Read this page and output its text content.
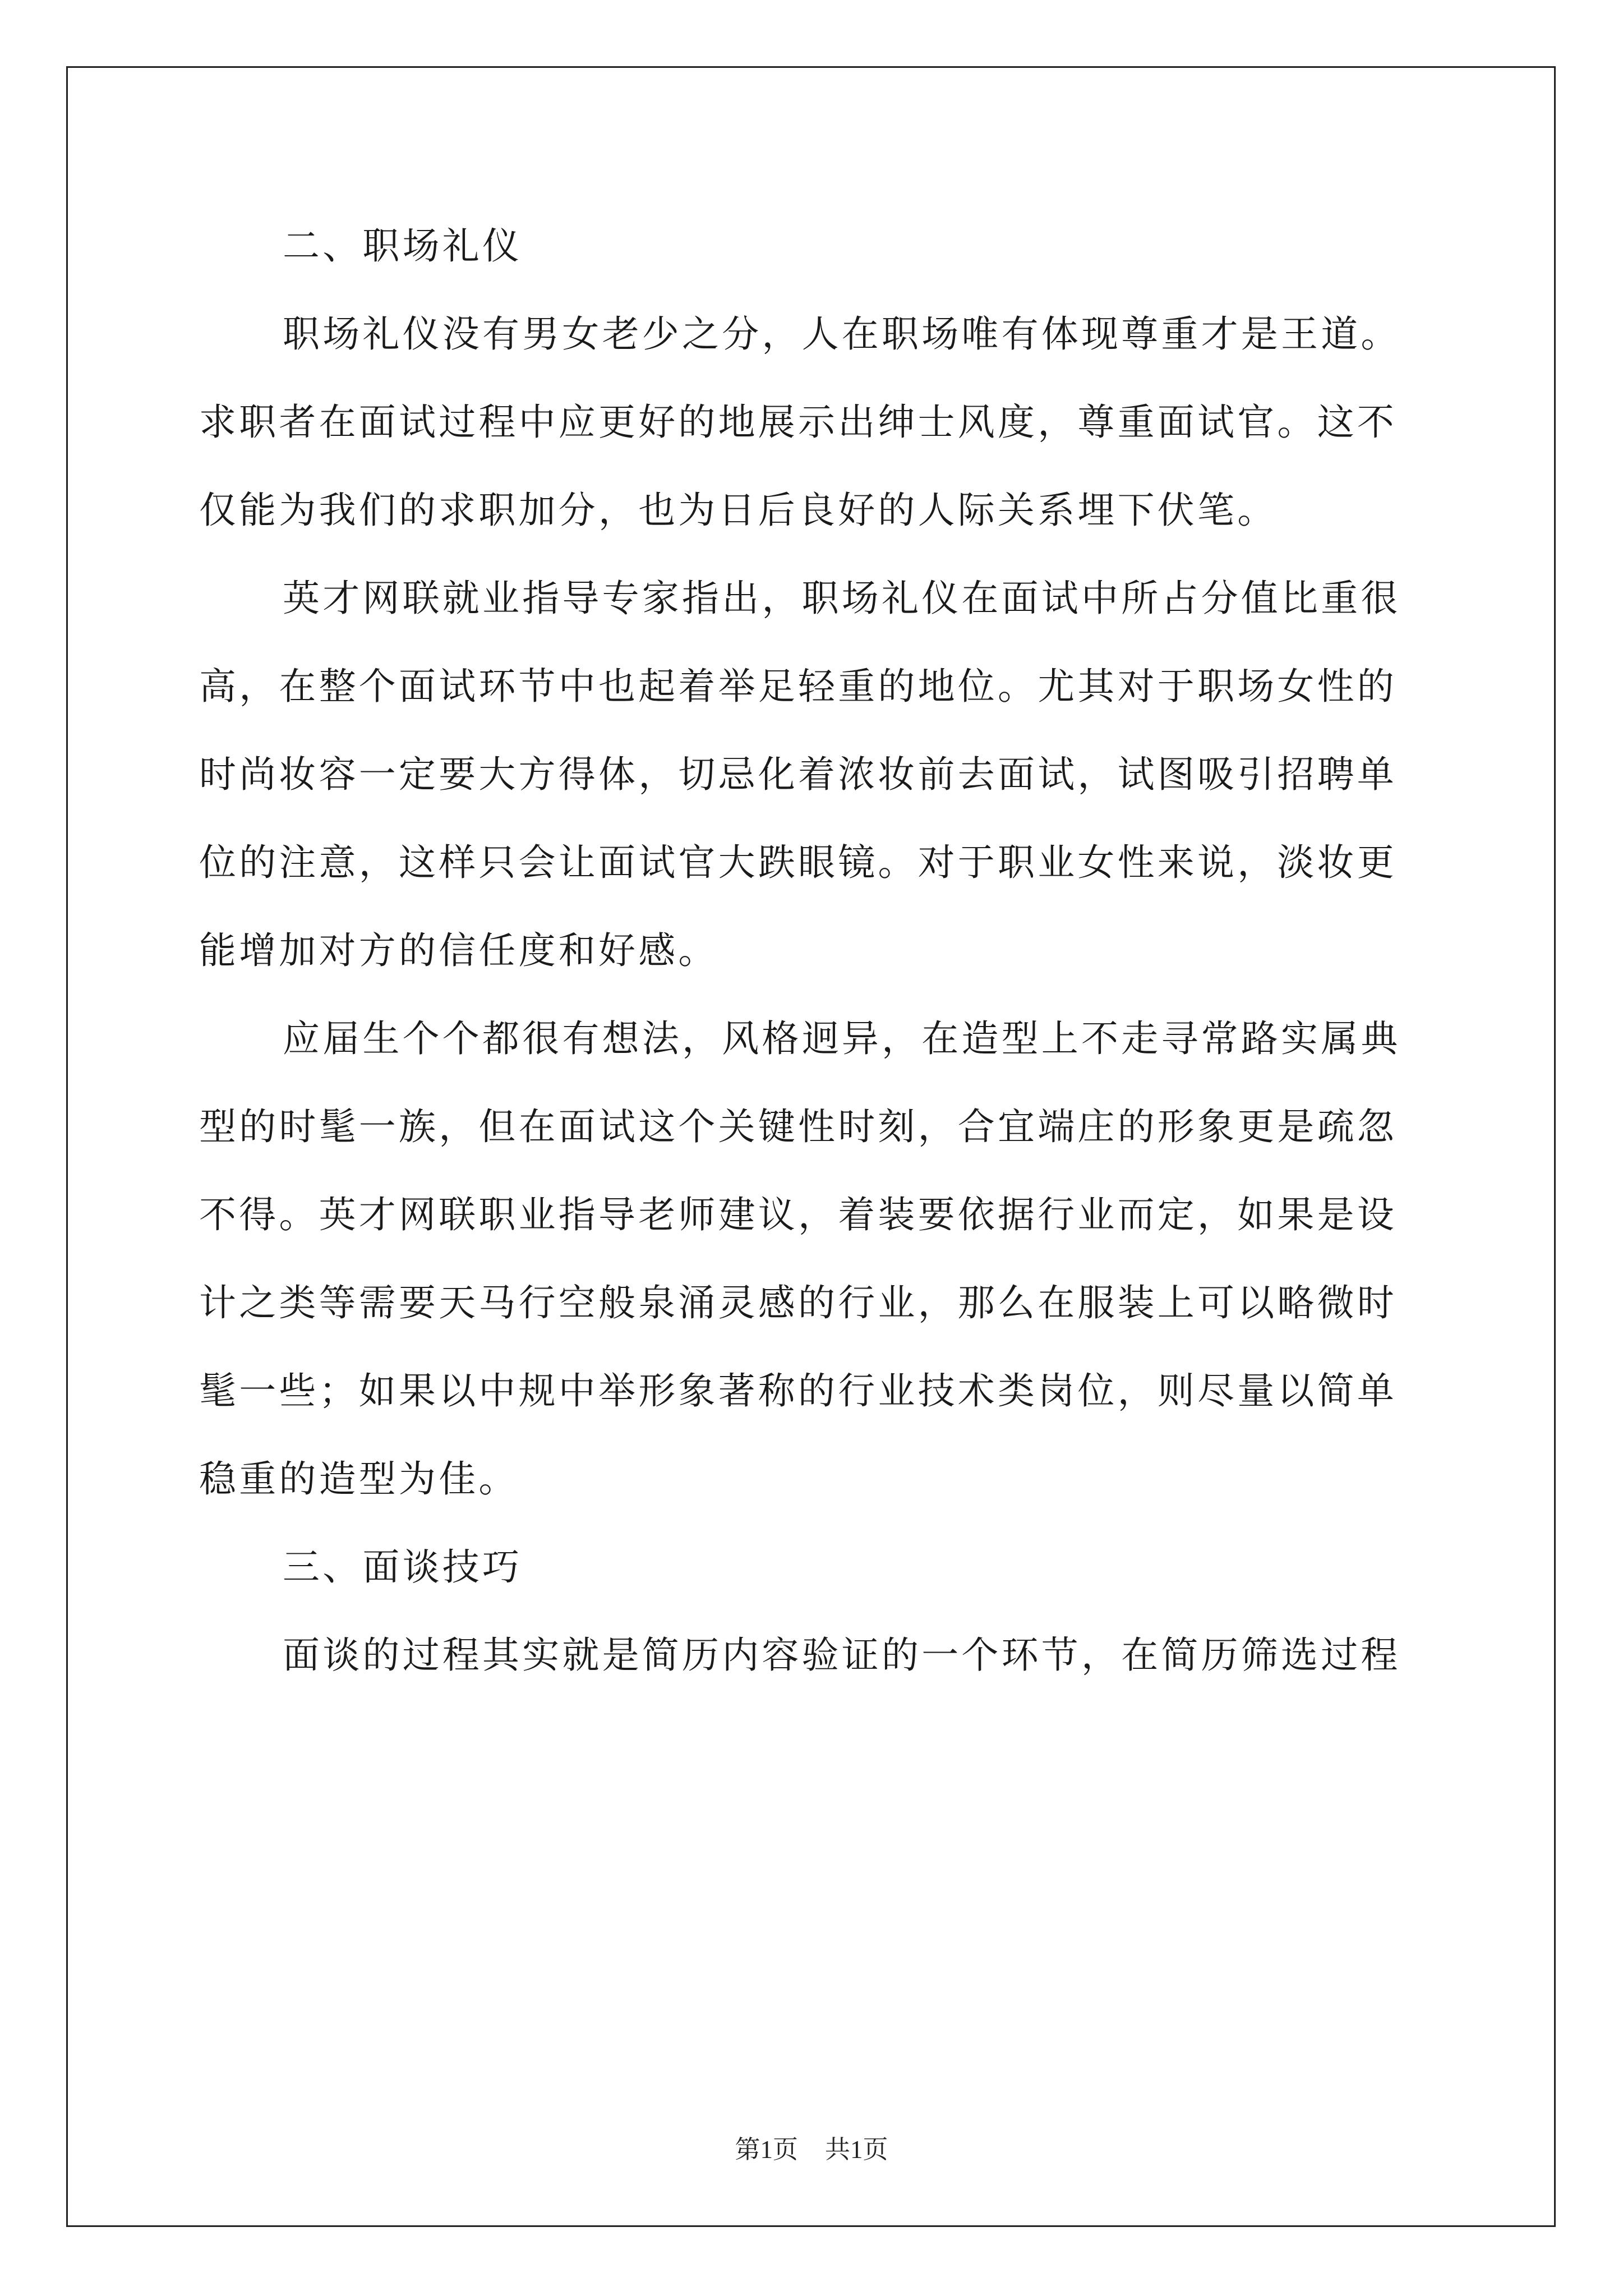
二、职场礼仪
职场礼仪没有男女老少之分，人在职场唯有体现尊重才是王道。
求职者在面试过程中应更好的地展示出绅士风度，尊重面试官。这不
仅能为我们的求职加分，也为日后良好的人际关系埋下伏笔。
英才网联就业指导专家指出，职场礼仪在面试中所占分值比重很
高，在整个面试环节中也起着举足轻重的地位。尤其对于职场女性的
时尚妆容一定要大方得体，切忌化着浓妆前去面试，试图吸引招聘单
位的注意，这样只会让面试官大跌眼镜。对于职业女性来说，淡妆更
能增加对方的信任度和好感。
应届生个个都很有想法，风格迥异，在造型上不走寻常路实属典
型的时髦一族，但在面试这个关键性时刻，合宜端庄的形象更是疏忽
不得。英才网联职业指导老师建议，着装要依据行业而定，如果是设
计之类等需要天马行空般泉涌灵感的行业，那么在服装上可以略微时
髦一些；如果以中规中举形象著称的行业技术类岗位，则尽量以简单
稳重的造型为佳。
三、面谈技巧
面谈的过程其实就是简历内容验证的一个环节，在简历筛选过程
第1页 共1页
